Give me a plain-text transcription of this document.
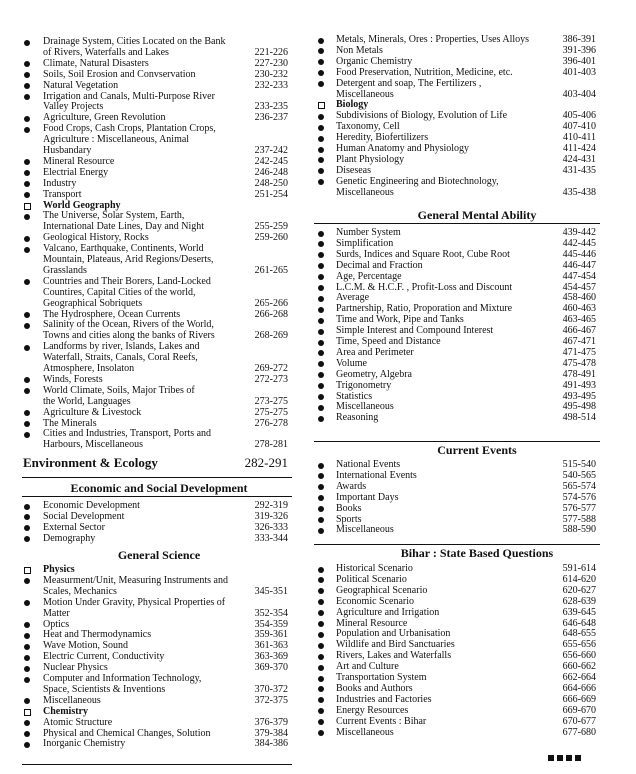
Drainage System, Cities Located on the Bank
of Rivers, Waterfalls and Lakes	221-226
Climate, Natural Disasters	227-230
Soils, Soil Erosion and Convservation	230-232
Natural Vegetation	232-233
Irrigation and Canals, Multi-Purpose River
Valley Projects	233-235
Agriculture, Green Revolution	236-237
Food Crops, Cash Crops, Plantation Crops,
Agriculture : Miscellaneous, Animal
Husbandary	237-242
Mineral Resource	242-245
Electrial Energy	246-248
Industry	248-250
Transport	251-254
World Geography
The Universe, Solar System, Earth,
International Date Lines, Day and Night	255-259
Geological History, Rocks	259-260
Valcano, Earthquake, Continents, World
Mountain, Plateaus, Arid Regions/Deserts,
Grasslands	261-265
Countries and Their Borers, Land-Locked
Countires, Capital Cities of the world,
Geographical Sobriquets	265-266
The Hydrosphere, Ocean Currents	266-268
Salinity of the Ocean, Rivers of the World,
Towns and cities along the banks of Rivers	268-269
Landforms by river, Islands, Lakes and
Waterfall, Straits, Canals, Coral Reefs,
Atmosphere, Insolaton	269-272
Winds, Forests	272-273
World Climate, Soils, Major Tribes of
the World, Languages	273-275
Agriculture & Livestock	275-275
The Minerals	276-278
Cities and Industries, Transport, Ports and
Harbours, Miscellaneous	278-281
Environment & Ecology	282-291
Economic and Social Development
Economic Development	292-319
Social Development	319-326
External Sector	326-333
Demography	333-344
General Science
Physics
Measurment/Unit, Measuring Instruments and
Scales, Mechanics	345-351
Motion Under Gravity, Physical Properties of
Matter	352-354
Optics	354-359
Heat and Thermodynamics	359-361
Wave Motion, Sound	361-363
Electric Current, Conductivity	363-369
Nuclear Physics	369-370
Computer and Information Technology,
Space, Scientists & Inventions	370-372
Miscellaneous	372-375
Chemistry
Atomic Structure	376-379
Physical and Chemical Changes, Solution	379-384
Inorganic Chemistry	384-386
Metals, Minerals, Ores : Properties, Uses Alloys	386-391
Non Metals	391-396
Organic Chemistry	396-401
Food Preservation, Nutrition, Medicine, etc.	401-403
Detergent and soap, The Fertilizers ,
Miscellaneous	403-404
Biology
Subdivisions of Biology, Evolution of Life	405-406
Taxonomy, Cell	407-410
Heredity, Biofertilizers	410-411
Human Anatomy and Physiology	411-424
Plant Physiology	424-431
Diseseas	431-435
Genetic Engineering and Biotechnology,
Miscellaneous	435-438
General Mental Ability
Number System	439-442
Simplification	442-445
Surds, Indices and Square Root, Cube Root	445-446
Decimal and Fraction	446-447
Age, Percentage	447-454
L.C.M. & H.C.F. , Profit-Loss and Discount	454-457
Average	458-460
Partnership, Ratio, Proporation and Mixture	460-463
Time and Work, Pipe and Tanks	463-465
Simple Interest and Compound Interest	466-467
Time, Speed and Distance	467-471
Area and Perimeter	471-475
Volume	475-478
Geometry, Algebra	478-491
Trigonometry	491-493
Statistics	493-495
Miscellaneous	495-498
Reasoning	498-514
Current Events
National Events	515-540
International Events	540-565
Awards	565-574
Important Days	574-576
Books	576-577
Sports	577-588
Miscellaneous	588-590
Bihar : State Based Questions
Historical Scenario	591-614
Political Scenario	614-620
Geographical Scenario	620-627
Economic Scenario	628-639
Agriculture and Irrigation	639-645
Mineral Resource	646-648
Population and Urbanisation	648-655
Wildlife and Bird Sanctuaries	655-656
Rivers, Lakes and Waterfalls	656-660
Art and Culture	660-662
Transportation System	662-664
Books and Authors	664-666
Industries and Factories	666-669
Energy Resources	669-670
Current Events : Bihar	670-677
Miscellaneous	677-680
